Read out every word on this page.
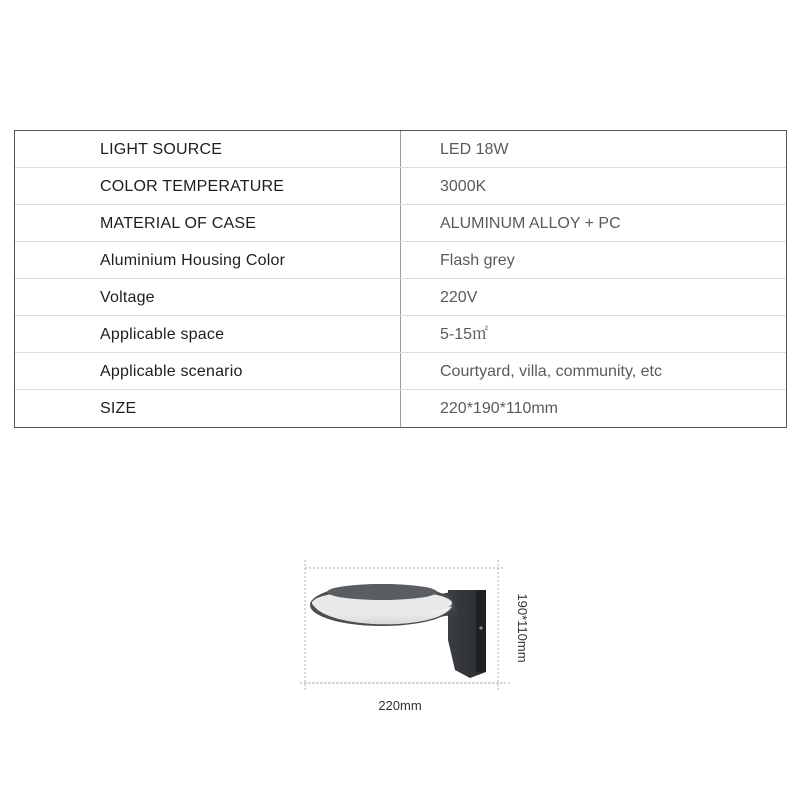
LIGHT SOURCE	LED 18W
COLOR TEMPERATURE	3000K
MATERIAL OF CASE	ALUMINUM ALLOY + PC
Aluminium Housing Color	Flash grey
Voltage	220V
Applicable space	5-15㎡
Applicable scenario	Courtyard, villa, community, etc
SIZE	220*190*110mm
220mm
190*110mm
